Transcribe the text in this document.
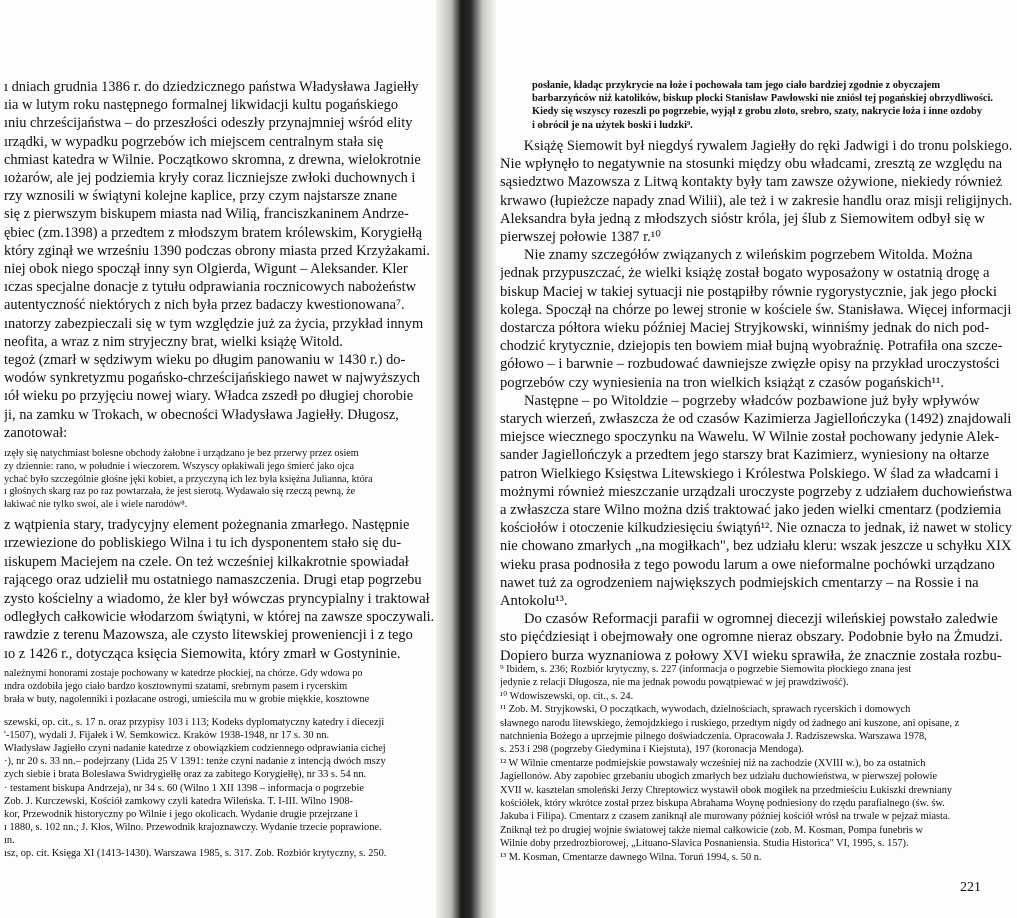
ı dniach grudnia 1386 r. do dziedzicznego państwa Władysława Jagiełły
ıia w lutym roku następnego formalnej likwidacji kultu pogańskiego
ıniu chrześcijaństwa – do przeszłości odeszły przynajmniej wśród elity
ırządki, w wypadku pogrzebów ich miejscem centralnym stała się
chmiast katedra w Wilnie. Początkowo skromna, z drewna, wielokrotnie
ıożarów, ale jej podziemia kryły coraz liczniejsze zwłoki duchownych i
rzy wznosili w świątyni kolejne kaplice, przy czym najstarsze znane
się z pierwszym biskupem miasta nad Wilią, franciszkaninem Andrze-
ębiec (zm.1398) a przedtem z młodszym bratem królewskim, Korygiełłą
który zginął we wrześniu 1390 podczas obrony miasta przed Krzyżakami.
niej obok niego spoczął inny syn Olgierda, Wigunt – Aleksander. Kler
ıczas specjalne donacje z tytułu odprawiania rocznicowych nabożeństw
autentyczność niektórych z nich była przez badaczy kwestionowana⁷.
ınatorzy zabezpieczali się w tym względzie już za życia, przykład innym
neofita, a wraz z nim stryjeczny brat, wielki książę Witold.
tegoż (zmarł w sędziwym wieku po długim panowaniu w 1430 r.) do-
wodów synkretyzmu pogańsko-chrześcijańskiego nawet w najwyższych
ıół wieku po przyjęciu nowej wiary. Władca zszedł po długiej chorobie
ji, na zamku w Trokach, w obecności Władysława Jagiełły. Długosz,
zanotował:
ızęły się natychmiast bolesne obchody żałobne i urządzano je bez przerwy przez osiem
zy dziennie: rano, w południe i wieczorem. Wszyscy opłakiwali jego śmierć jako ojca
ychać było szczególnie głośne jęki kobiet, a przyczyną ich lez była księżna Julianna, która
ı głośnych skarg raz po raz powtarzała, że jest sierotą. Wydawało się rzeczą pewną, że
łakiwać nie tylko swoi, ale i wiele narodów⁸.
z wątpienia stary, tradycyjny element pożegnania zmarłego. Następnie
ırzewiezione do pobliskiego Wilna i tu ich dysponentem stało się du-
ıiskupem Maciejem na czele. On też wcześniej kilkakrotnie spowiadał
rającego oraz udzielił mu ostatniego namaszczenia. Drugi etap pogrzebu
zysto kościelny a wiadomo, że kler był wówczas pryncypialny i traktował
odległych całkowicie włodarzom świątyni, w której na zawsze spoczywali.
rawdzie z terenu Mazowsza, ale czysto litewskiej proweniencji i z tego
ıo z 1426 r., dotycząca księcia Siemowita, który zmarł w Gostyninie.
naleźnymi honorami zostaje pochowany w katedrze płockiej, na chórze. Gdy wdowa po
ındra ozdobiła jego ciało bardzo kosztownymi szatami, srebrnym pasem i rycerskim
brała w buty, nagolenniki i pozłacane ostrogi, umieściła mu w grobie miękkie, kosztowne
szewski, op. cit., s. 17 n. oraz przypisy 103 i 113; Kodeks dyplomatyczny katedry i diecezji
'-1507), wydali J. Fijałek i W. Semkowicz. Kraków 1938-1948, nr 17 s. 30 nn.
Władysław Jagiełło czyni nadanie katedrze z obowiązkiem codziennego odprawiania cichej
·), nr 20 s. 33 nn.– podejrzany (Lida 25 V 1391: tenże czyni nadanie z intencją dwóch mszy
zych siebie i brata Bolesława Świdrygiełłę oraz za zabitego Korygiełłę), nr 33 s. 54 nn.
· testament biskupa Andrzeja), nr 34 s. 60 (Wilno 1 XII 1398 – informacja o pogrzebie
Zob. J. Kurczewski, Kościół zamkowy czyli katedra Wileńska. T. I-III. Wilno 1908-
kor, Przewodnik historyczny po Wilnie i jego okolicach. Wydanie drugie przejrzane i
ı 1880, s. 102 nn.; J. Kłos, Wilno. Przewodnik krajoznawczy. Wydanie trzecie poprawione.
ın.
ısz, op. cit. Księga XI (1413-1430). Warszawa 1985, s. 317. Zob. Rozbiór krytyczny, s. 250.
posłanie, kładąc przykrycie na łoże i pochowała tam jego ciało bardziej zgodnie z obyczajem
barbarzyńców niż katolików, biskup płocki Stanisław Pawłowski nie zniósł tej pogańskiej obrzydliwości.
Kiedy się wszyscy rozeszli po pogrzebie, wyjął z grobu złoto, srebro, szaty, nakrycie łoża i inne ozdoby
i obrócił je na użytek boski i ludzki⁹.
Książę Siemowit był niegdyś rywalem Jagiełły do ręki Jadwigi i do tronu polskiego.
Nie wpłynęło to negatywnie na stosunki między obu władcami, zresztą ze względu na
sąsiedztwo Mazowsza z Litwą kontakty były tam zawsze ożywione, niekiedy również
krwawo (łupieżcze napady znad Wilii), ale też i w zakresie handlu oraz misji religijnych.
Aleksandra była jedną z młodszych sióstr króla, jej ślub z Siemowitem odbył się w
pierwszej połowie 1387 r.¹⁰
Nie znamy szczegółów związanych z wileńskim pogrzebem Witolda. Można
jednak przypuszczać, że wielki książę został bogato wyposażony w ostatnią drogę a
biskup Maciej w takiej sytuacji nie postąpiłby równie rygorystycznie, jak jego płocki
kolega. Spoczął na chórze po lewej stronie w kościele św. Stanisława. Więcej informacji
dostarcza półtora wieku później Maciej Stryjkowski, winniśmy jednak do nich pod-
chodzić krytycznie, dziejopis ten bowiem miał bujną wyobraźnię. Potrafiła ona szcze-
gółowo – i barwnie – rozbudować dawniejsze zwięzłe opisy na przykład uroczystości
pogrzebów czy wyniesienia na tron wielkich książąt z czasów pogańskich¹¹.
Następne – po Witoldzie – pogrzeby władców pozbawione już były wpływów
starych wierzeń, zwłaszcza że od czasów Kazimierza Jagiellończyka (1492) znajdowali
miejsce wiecznego spoczynku na Wawelu. W Wilnie został pochowany jedynie Alek-
sander Jagiellończyk a przedtem jego starszy brat Kazimierz, wyniesiony na ołtarze
patron Wielkiego Księstwa Litewskiego i Królestwa Polskiego. W ślad za władcami i
możnymi również mieszczanie urządzali uroczyste pogrzeby z udziałem duchowieństwa
a zwłaszcza stare Wilno można dziś traktować jako jeden wielki cmentarz (podziemia
kościołów i otoczenie kilkudziesięciu świątyń¹². Nie oznacza to jednak, iż nawet w stolicy
nie chowano zmarłych „na mogiłkach", bez udziału kleru: wszak jeszcze u schyłku XIX
wieku prasa podnosiła z tego powodu larum a owe nieformalne pochówki urządzano
nawet tuż za ogrodzeniem największych podmiejskich cmentarzy – na Rossie i na
Antokolu¹³.
Do czasów Reformacji parafii w ogromnej diecezji wileńskiej powstało zaledwie
sto pięćdziesiąt i obejmowały one ogromne nieraz obszary. Podobnie było na Żmudzi.
Dopiero burza wyznaniowa z połowy XVI wieku sprawiła, że znacznie została rozbu-
⁹ Ibidem, s. 236; Rozbiór krytyczny, s. 227 (informacja o pogrzebie Siemowita płockiego znana jest
jedynie z relacji Długosza, nie ma jednak powodu powątpiewać w jej prawdziwość).
¹⁰ Wdowiszewski, op. cit., s. 24.
¹¹ Zob. M. Stryjkowski, O początkach, wywodach, dzielnościach, sprawach rycerskich i domowych
sławnego narodu litewskiego, żemojdzkiego i ruskiego, przedtym nigdy od żadnego ani kuszone, ani opisane, z
natchnienia Bożego a uprzejmie pilnego doświadczenia. Opracowała J. Radziszewska. Warszawa 1978,
s. 253 i 298 (pogrzeby Giedymina i Kiejstuta), 197 (koronacja Mendoga).
¹² W Wilnie cmentarze podmiejskie powstawały wcześniej niż na zachodzie (XVIII w.), bo za ostatnich
Jagiellonów. Aby zapobiec grzebaniu ubogich zmarłych bez udziału duchowieństwa, w pierwszej połowie
XVII w. kasztelan smoleński Jerzy Chreptowicz wystawił obok mogiłek na przedmieściu Łukiszki drewniany
kościółek, który wkrótce został przez biskupa Abrahama Woynę podniesiony do rzędu parafialnego (św. św.
Jakuba i Filipa). Cmentarz z czasem zaniknął ale murowany później kościół wrósł na trwale w pejzaż miasta.
Zniknął też po drugiej wojnie światowej także niemal całkowicie (zob. M. Kosman, Pompa funebris w
Wilnie doby przedrozbiorowej, „Lituano-Slavica Posnaniensia. Studia Historica" VI, 1995, s. 157).
¹³ M. Kosman, Cmentarze dawnego Wilna. Toruń 1994, s. 50 n.
221
